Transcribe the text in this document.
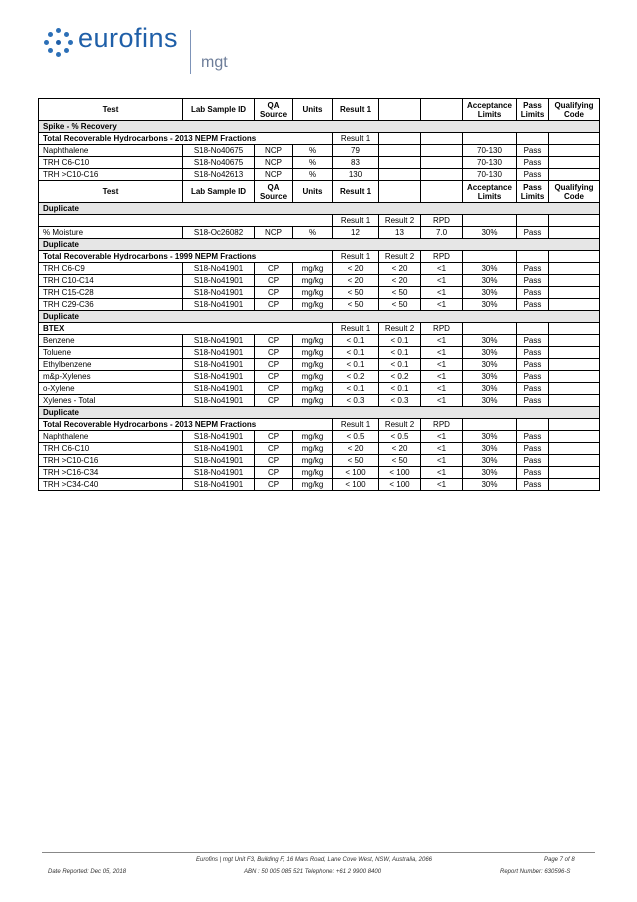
eurofins
mgt
Test	Lab Sample ID	QA Source	Units	Result 1			Acceptance Limits	Pass Limits	Qualifying Code
Spike - % Recovery									
Total Recoverable Hydrocarbons - 2013 NEPM Fractions				Result 1					
Naphthalene	S18-No40675	NCP	%	79			70-130	Pass	
TRH C6-C10	S18-No40675	NCP	%	83			70-130	Pass	
TRH >C10-C16	S18-No42613	NCP	%	130			70-130	Pass	
Test	Lab Sample ID	QA Source	Units	Result 1			Acceptance Limits	Pass Limits	Qualifying Code
Duplicate									
				Result 1	Result 2	RPD			
% Moisture	S18-Oc26082	NCP	%	12	13	7.0	30%	Pass	
Duplicate									
Total Recoverable Hydrocarbons - 1999 NEPM Fractions				Result 1	Result 2	RPD			
TRH C6-C9	S18-No41901	CP	mg/kg	< 20	< 20	<1	30%	Pass	
TRH C10-C14	S18-No41901	CP	mg/kg	< 20	< 20	<1	30%	Pass	
TRH C15-C28	S18-No41901	CP	mg/kg	< 50	< 50	<1	30%	Pass	
TRH C29-C36	S18-No41901	CP	mg/kg	< 50	< 50	<1	30%	Pass	
Duplicate									
BTEX				Result 1	Result 2	RPD			
Benzene	S18-No41901	CP	mg/kg	< 0.1	< 0.1	<1	30%	Pass	
Toluene	S18-No41901	CP	mg/kg	< 0.1	< 0.1	<1	30%	Pass	
Ethylbenzene	S18-No41901	CP	mg/kg	< 0.1	< 0.1	<1	30%	Pass	
m&p-Xylenes	S18-No41901	CP	mg/kg	< 0.2	< 0.2	<1	30%	Pass	
o-Xylene	S18-No41901	CP	mg/kg	< 0.1	< 0.1	<1	30%	Pass	
Xylenes - Total	S18-No41901	CP	mg/kg	< 0.3	< 0.3	<1	30%	Pass	
Duplicate									
Total Recoverable Hydrocarbons - 2013 NEPM Fractions				Result 1	Result 2	RPD			
Naphthalene	S18-No41901	CP	mg/kg	< 0.5	< 0.5	<1	30%	Pass	
TRH C6-C10	S18-No41901	CP	mg/kg	< 20	< 20	<1	30%	Pass	
TRH >C10-C16	S18-No41901	CP	mg/kg	< 50	< 50	<1	30%	Pass	
TRH >C16-C34	S18-No41901	CP	mg/kg	< 100	< 100	<1	30%	Pass	
TRH >C34-C40	S18-No41901	CP	mg/kg	< 100	< 100	<1	30%	Pass	
Eurofins | mgt Unit F3, Building F, 16 Mars Road, Lane Cove West, NSW, Australia, 2066	Page 7 of 8
Date Reported: Dec 05, 2018	ABN : 50 005 085 521 Telephone: +61 2 9900 8400	Report Number: 630596-S
